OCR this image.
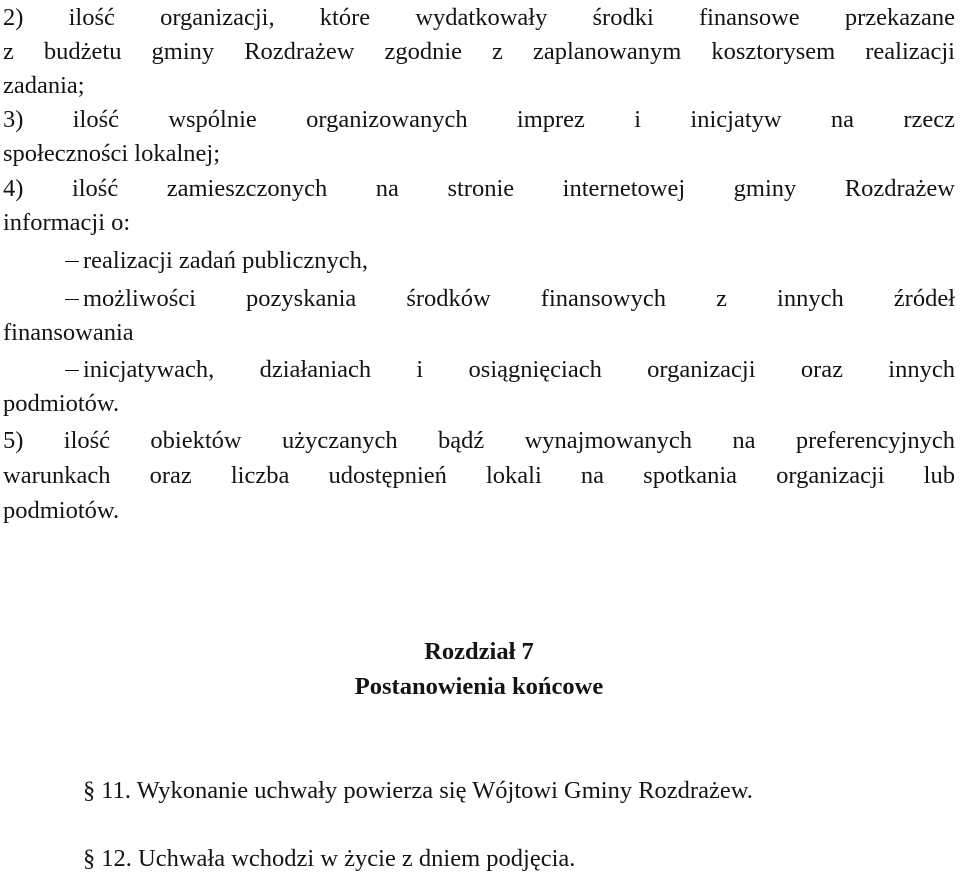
2) ilość organizacji, które wydatkowały środki finansowe przekazane
z budżetu gminy Rozdrażew zgodnie z zaplanowanym kosztorysem realizacji
zadania;
3) ilość wspólnie organizowanych imprez i inicjatyw na rzecz
społeczności lokalnej;
4) ilość zamieszczonych na stronie internetowej gminy Rozdrażew
informacji o:
realizacji zadań publicznych,
możliwości pozyskania środków finansowych z innych źródeł
finansowania
inicjatywach, działaniach i osiągnięciach organizacji oraz innych
podmiotów.
5) ilość obiektów użyczanych bądź wynajmowanych na preferencyjnych
warunkach oraz liczba udostępnień lokali na spotkania organizacji lub
podmiotów.
Rozdział 7
Postanowienia końcowe
§ 11. Wykonanie uchwały powierza się Wójtowi Gminy Rozdrażew.
§ 12. Uchwała wchodzi w życie z dniem podjęcia.
